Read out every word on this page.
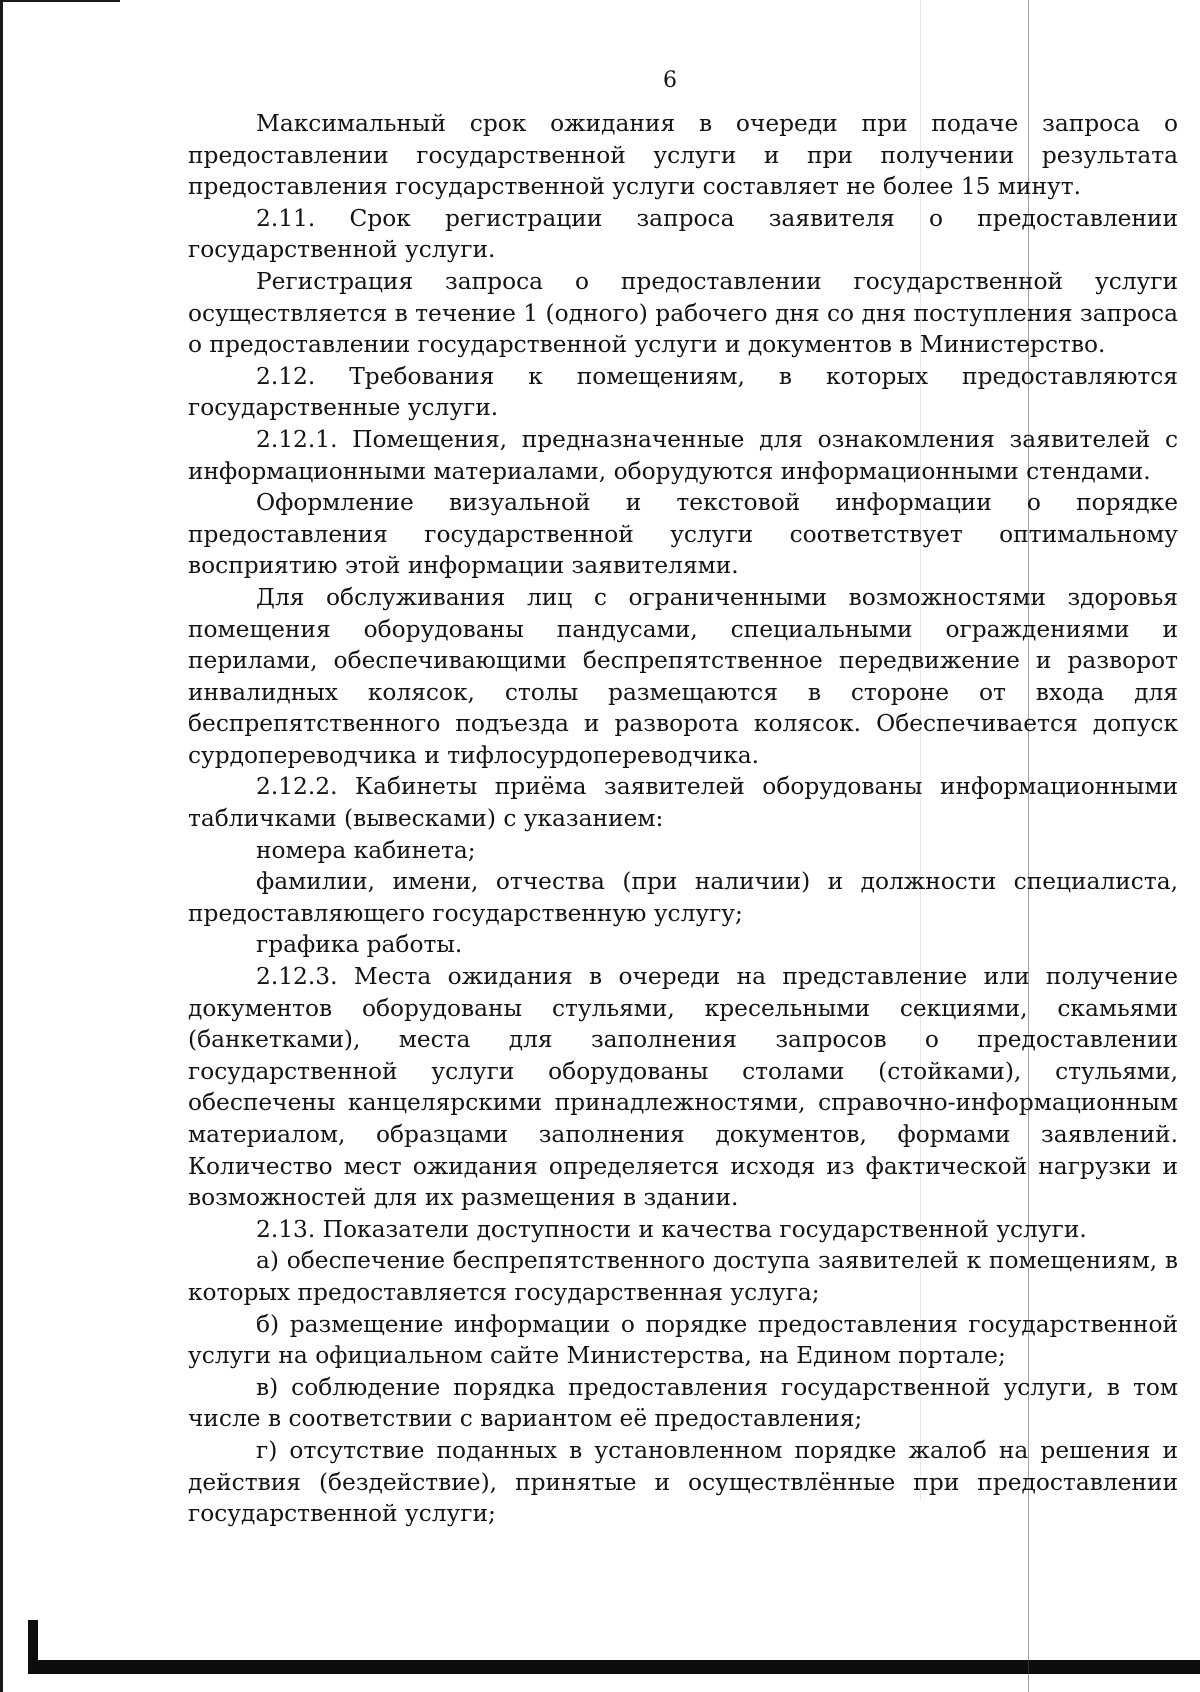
6

Максимальный срок ожидания в очереди при подаче запроса о предоставлении государственной услуги и при получении результата предоставления государственной услуги составляет не более 15 минут.

2.11. Срок регистрации запроса заявителя о предоставлении государственной услуги.

Регистрация запроса о предоставлении государственной услуги осуществляется в течение 1 (одного) рабочего дня со дня поступления запроса о предоставлении государственной услуги и документов в Министерство.

2.12. Требования к помещениям, в которых предоставляются государственные услуги.

2.12.1. Помещения, предназначенные для ознакомления заявителей с информационными материалами, оборудуются информационными стендами.

Оформление визуальной и текстовой информации о порядке предоставления государственной услуги соответствует оптимальному восприятию этой информации заявителями.

Для обслуживания лиц с ограниченными возможностями здоровья помещения оборудованы пандусами, специальными ограждениями и перилами, обеспечивающими беспрепятственное передвижение и разворот инвалидных колясок, столы размещаются в стороне от входа для беспрепятственного подъезда и разворота колясок. Обеспечивается допуск сурдопереводчика и тифлосурдопереводчика.

2.12.2. Кабинеты приёма заявителей оборудованы информационными табличками (вывесками) с указанием:

номера кабинета;

фамилии, имени, отчества (при наличии) и должности специалиста, предоставляющего государственную услугу;

графика работы.

2.12.3. Места ожидания в очереди на представление или получение документов оборудованы стульями, кресельными секциями, скамьями (банкетками), места для заполнения запросов о предоставлении государственной услуги оборудованы столами (стойками), стульями, обеспечены канцелярскими принадлежностями, справочно-информационным материалом, образцами заполнения документов, формами заявлений. Количество мест ожидания определяется исходя из фактической нагрузки и возможностей для их размещения в здании.

2.13. Показатели доступности и качества государственной услуги.

а) обеспечение беспрепятственного доступа заявителей к помещениям, в которых предоставляется государственная услуга;

б) размещение информации о порядке предоставления государственной услуги на официальном сайте Министерства, на Едином портале;

в) соблюдение порядка предоставления государственной услуги, в том числе в соответствии с вариантом её предоставления;

г) отсутствие поданных в установленном порядке жалоб на решения и действия (бездействие), принятые и осуществлённые при предоставлении государственной услуги;
